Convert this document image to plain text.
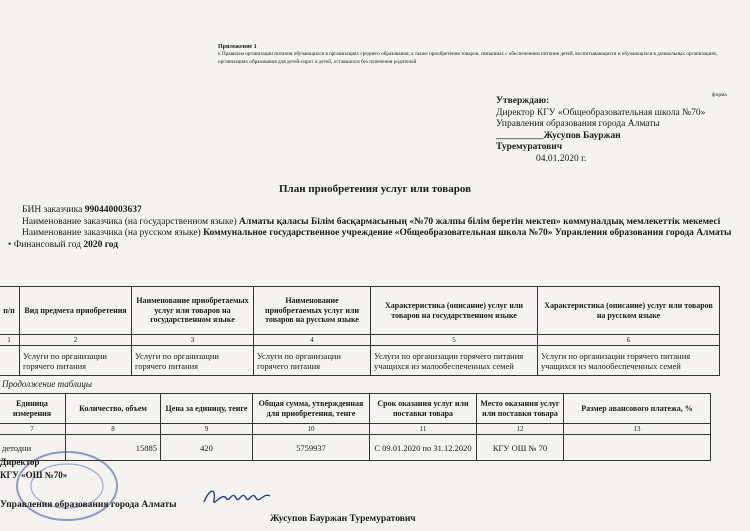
Приложение 1
к Правилам организации питания обучающихся в организациях среднего образования, а также приобретения товаров, связанных с обеспечением питания детей, воспитывающихся и обучающихся в дошкольных организациях, организациях образования для детей-сирот и детей, оставшихся без попечения родителей
форма
Утверждаю:
Директор КГУ «Общеобразовательная школа №70»
Управления образования города Алматы
__________Жусупов Бауржан
Туремуратович
04.01.2020 г.
План приобретения услуг или товаров

БИН заказчика 990440003637

Наименование заказчика (на государственном языке) Алматы қаласы Білім басқармасының «№70 жалпы білім беретін мектеп» коммуналдық мемлекеттік мекемесі

Наименование заказчика (на русском языке) Коммунальное государственное учреждение «Общеобразовательная школа №70» Управления образования города Алматы

• Финансовый год 2020 год

п/п	Вид предмета приобретения	Наименование приобретаемых услуг или товаров на государственном языке	Наименование приобретаемых услуг или товаров на русском языке	Характеристика (описание) услуг или товаров на государственном языке	Характеристика (описание) услуг или товаров на русском языке
1	2	3	4	5	6
	Услуги по организации горячего питания	Услуги по организации горячего питания	Услуги по организации горячего питания	Услуги по организации горячего питания учащихся из малообеспеченных семей	Услуги по организации горячего питания учащихся из малообеспеченных семей
Продолжение таблицы
Единица измерения	Количество, объем	Цена за единицу, тенге	Общая сумма, утвержденная для приобретения, тенге	Срок оказания услуг или поставки товара	Место оказания услуг или поставки товара	Размер авансового платежа, %
7	8	9	10	11	12	13
детодни	15885	420	5759937	С 09.01.2020 по 31.12.2020	КГУ ОШ № 70	
Директор
КГУ «ОШ №70»
Управления образования города Алматы
Жусупов Бауржан Туремуратович
